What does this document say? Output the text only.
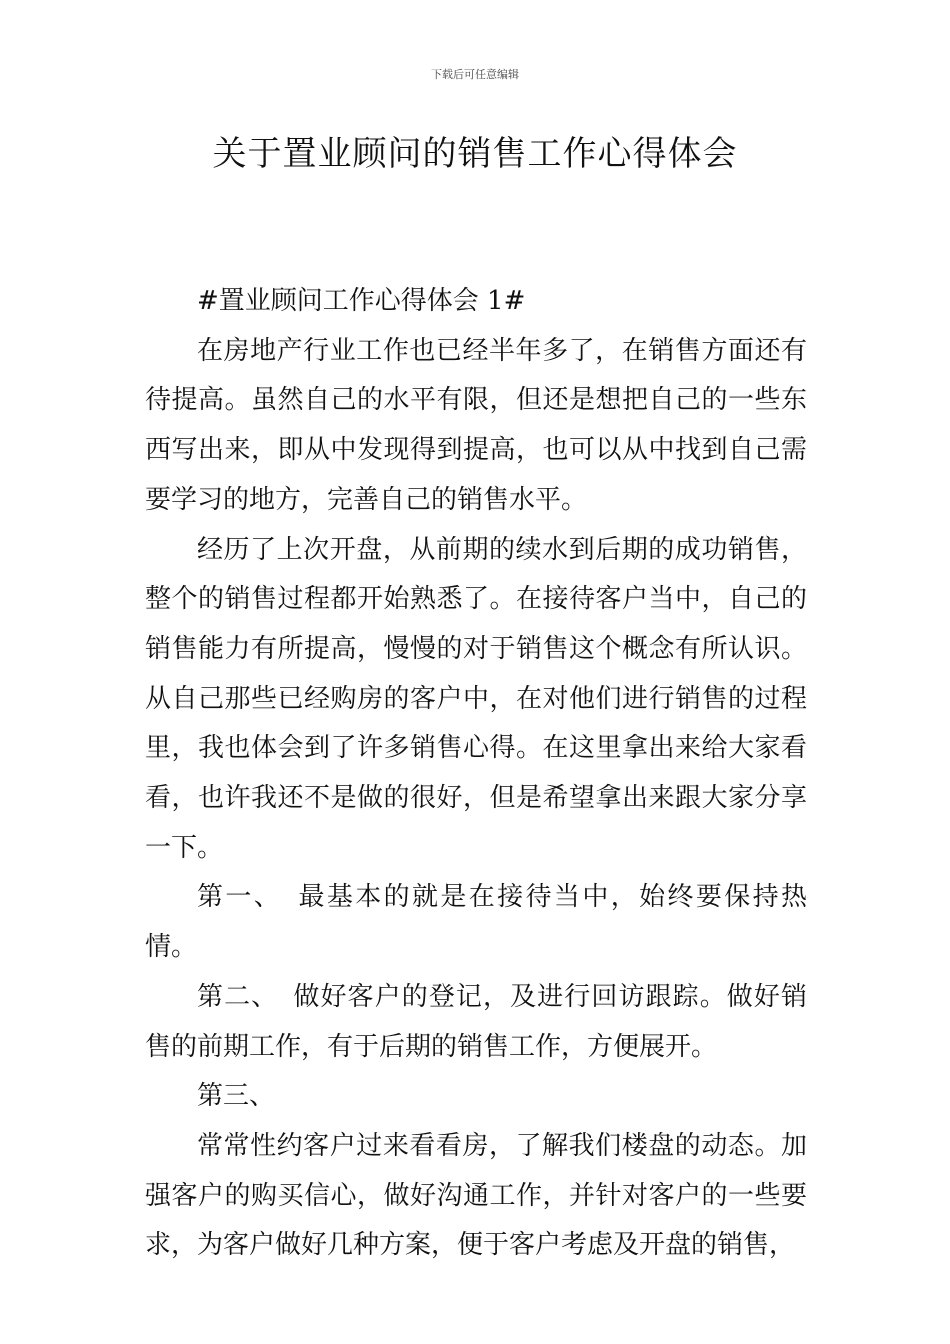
下载后可任意编辑
关于置业顾问的销售工作心得体会

#置业顾问工作心得体会 1#

在房地产行业工作也已经半年多了，在销售方面还有待提高。虽然自己的水平有限，但还是想把自己的一些东西写出来，即从中发现得到提高，也可以从中找到自己需要学习的地方，完善自己的销售水平。

经历了上次开盘，从前期的续水到后期的成功销售，整个的销售过程都开始熟悉了。在接待客户当中，自己的销售能力有所提高，慢慢的对于销售这个概念有所认识。从自己那些已经购房的客户中，在对他们进行销售的过程里，我也体会到了许多销售心得。在这里拿出来给大家看看，也许我还不是做的很好，但是希望拿出来跟大家分享一下。

第一、 最基本的就是在接待当中，始终要保持热情。

第二、 做好客户的登记，及进行回访跟踪。做好销售的前期工作，有于后期的销售工作，方便展开。

第三、

常常性约客户过来看看房，了解我们楼盘的动态。加强客户的购买信心，做好沟通工作，并针对客户的一些要求，为客户做好几种方案，便于客户考虑及开盘的销售，
